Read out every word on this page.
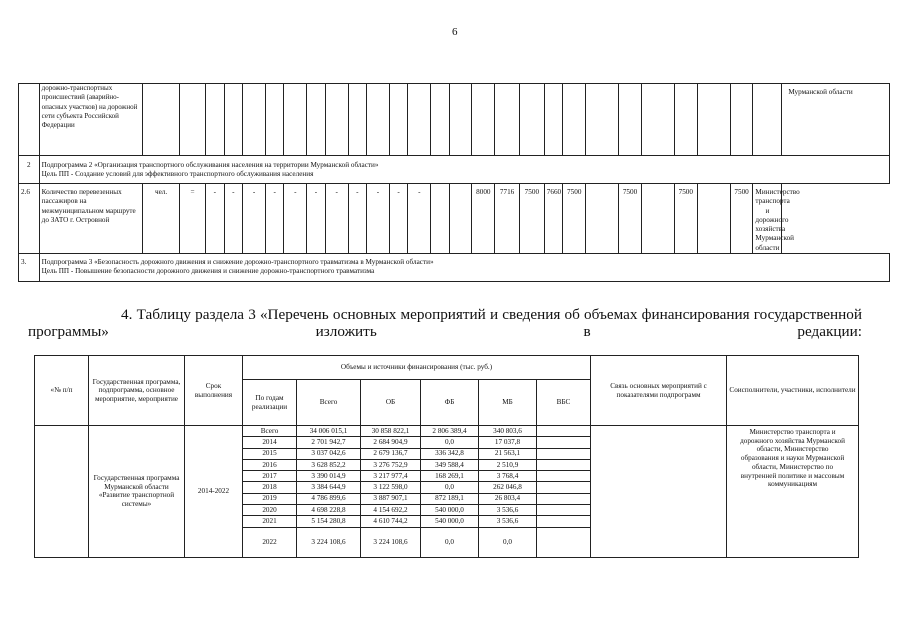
6
	дорожно-транспортных происшествий (аварийно-опасных участков) на дорожной сети субъекта Российской Федерации																												Мурманской области
2	Подпрограмма 2 «Организация транспортного обслуживания населения на территории Мурманской области»
Цель ПП - Создание условий для эффективного транспортного обслуживания населения																												

2.6	Количество перевезенных пассажиров на межмуниципальном маршруте до ЗАТО г. Островной	чел.	=	-	-	-	-	-	-	-	-	-	-	-			8000	7716	7500	7660	7500		7500		7500		7500	Министерство транспорта и дорожного хозяйства Мурманской области	
3.	Подпрограмма 3 «Безопасность дорожного движения и снижение дорожно-транспортного травматизма в Мурманской области»
Цель ПП - Повышение безопасности дорожного движения и снижение дорожно-транспортного травматизма																												
4. Таблицу раздела 3 «Перечень основных мероприятий и сведения об объемах финансирования государственной программы» изложить в редакции:
«№ п/п	Государственная программа, подпрограмма, основное мероприятие, мероприятие	Срок выполнения	Объемы и источники финансирования (тыс. руб.)						Связь основных мероприятий с показателями подпрограмм	Соисполнители, участники, исполнители
			По годам реализации	Всего	ОБ	ФБ	МБ	ВБС		
	Государственная программа Мурманской области «Развитие транспортной системы»	2014-2022	Всего	34 006 015,1	30 858 822,1	2 806 389,4	340 803,6			Министерство транспорта и дорожного хозяйства Мурманской области, Министерство образования и науки Мурманской области, Министерство по внутренней политике и массовым коммуникациям
			2014	2 701 942,7	2 684 904,9	0,0	17 037,8			
			2015	3 037 042,6	2 679 136,7	336 342,8	21 563,1			
			2016	3 628 852,2	3 276 752,9	349 588,4	2 510,9			
			2017	3 390 014,9	3 217 977,4	168 269,1	3 768,4			
			2018	3 384 644,9	3 122 598,0	0,0	262 046,8			
			2019	4 786 899,6	3 887 907,1	872 189,1	26 803,4			
			2020	4 698 228,8	4 154 692,2	540 000,0	3 536,6			
			2021	5 154 280,8	4 610 744,2	540 000,0	3 536,6			
			2022	3 224 108,6	3 224 108,6	0,0	0,0			
